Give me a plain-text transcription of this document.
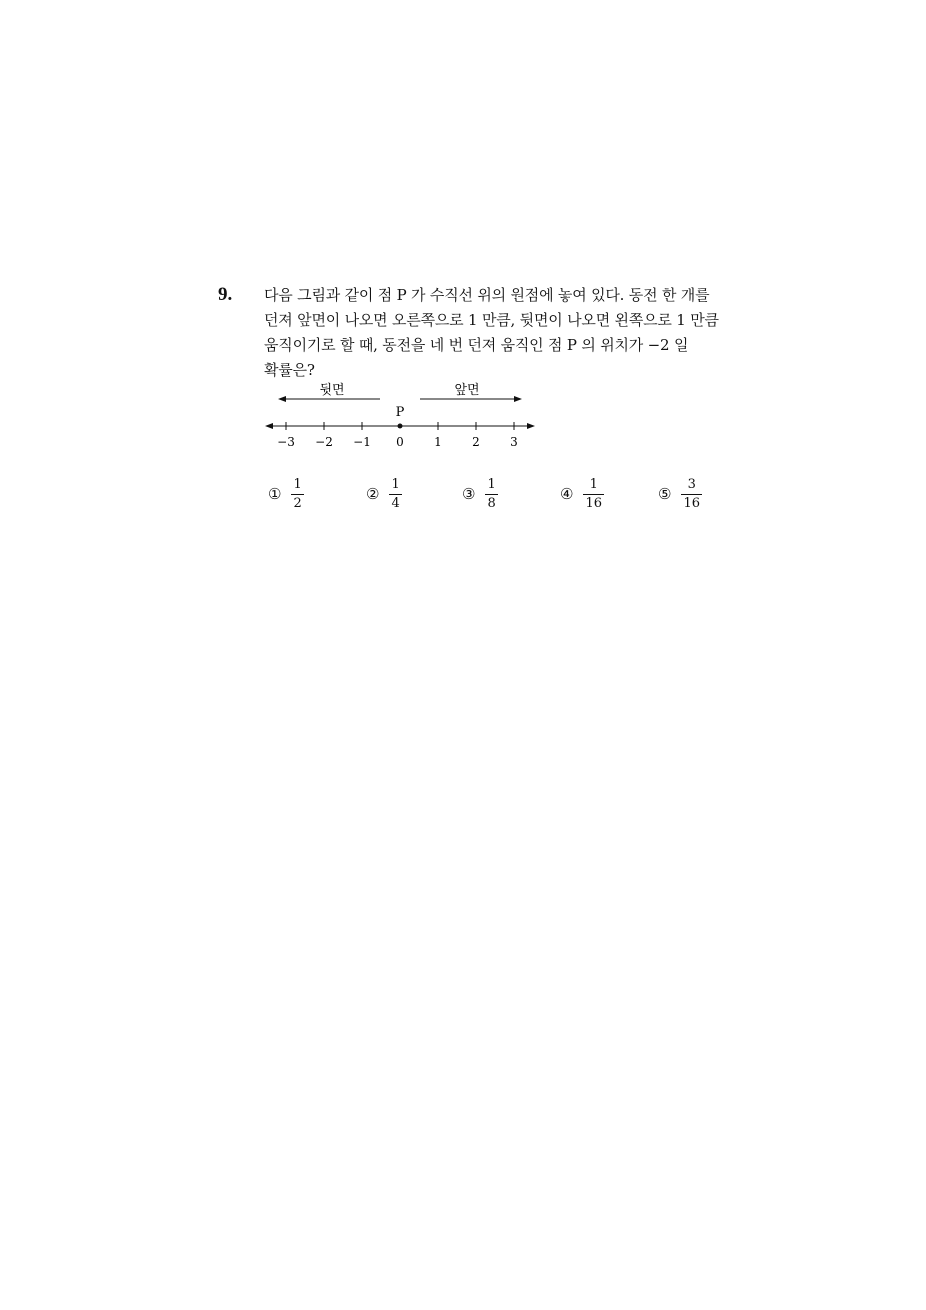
9. 다음 그림과 같이 점 P 가 수직선 위의 원점에 놓여 있다. 동전 한 개를
던져 앞면이 나오면 오른쪽으로 1 만큼, 뒷면이 나오면 왼쪽으로 1 만큼
움직이기로 할 때, 동전을 네 번 던져 움직인 점 P 의 위치가 −2 일
확률은?

뒷면	앞면
P
−3 −2 −1 0	1	2	3
① $\frac{1}{2}$	② $\frac{1}{4}$	③ $\frac{1}{8}$	④ $\frac{1}{16}$	⑤ $\frac{3}{16}$
